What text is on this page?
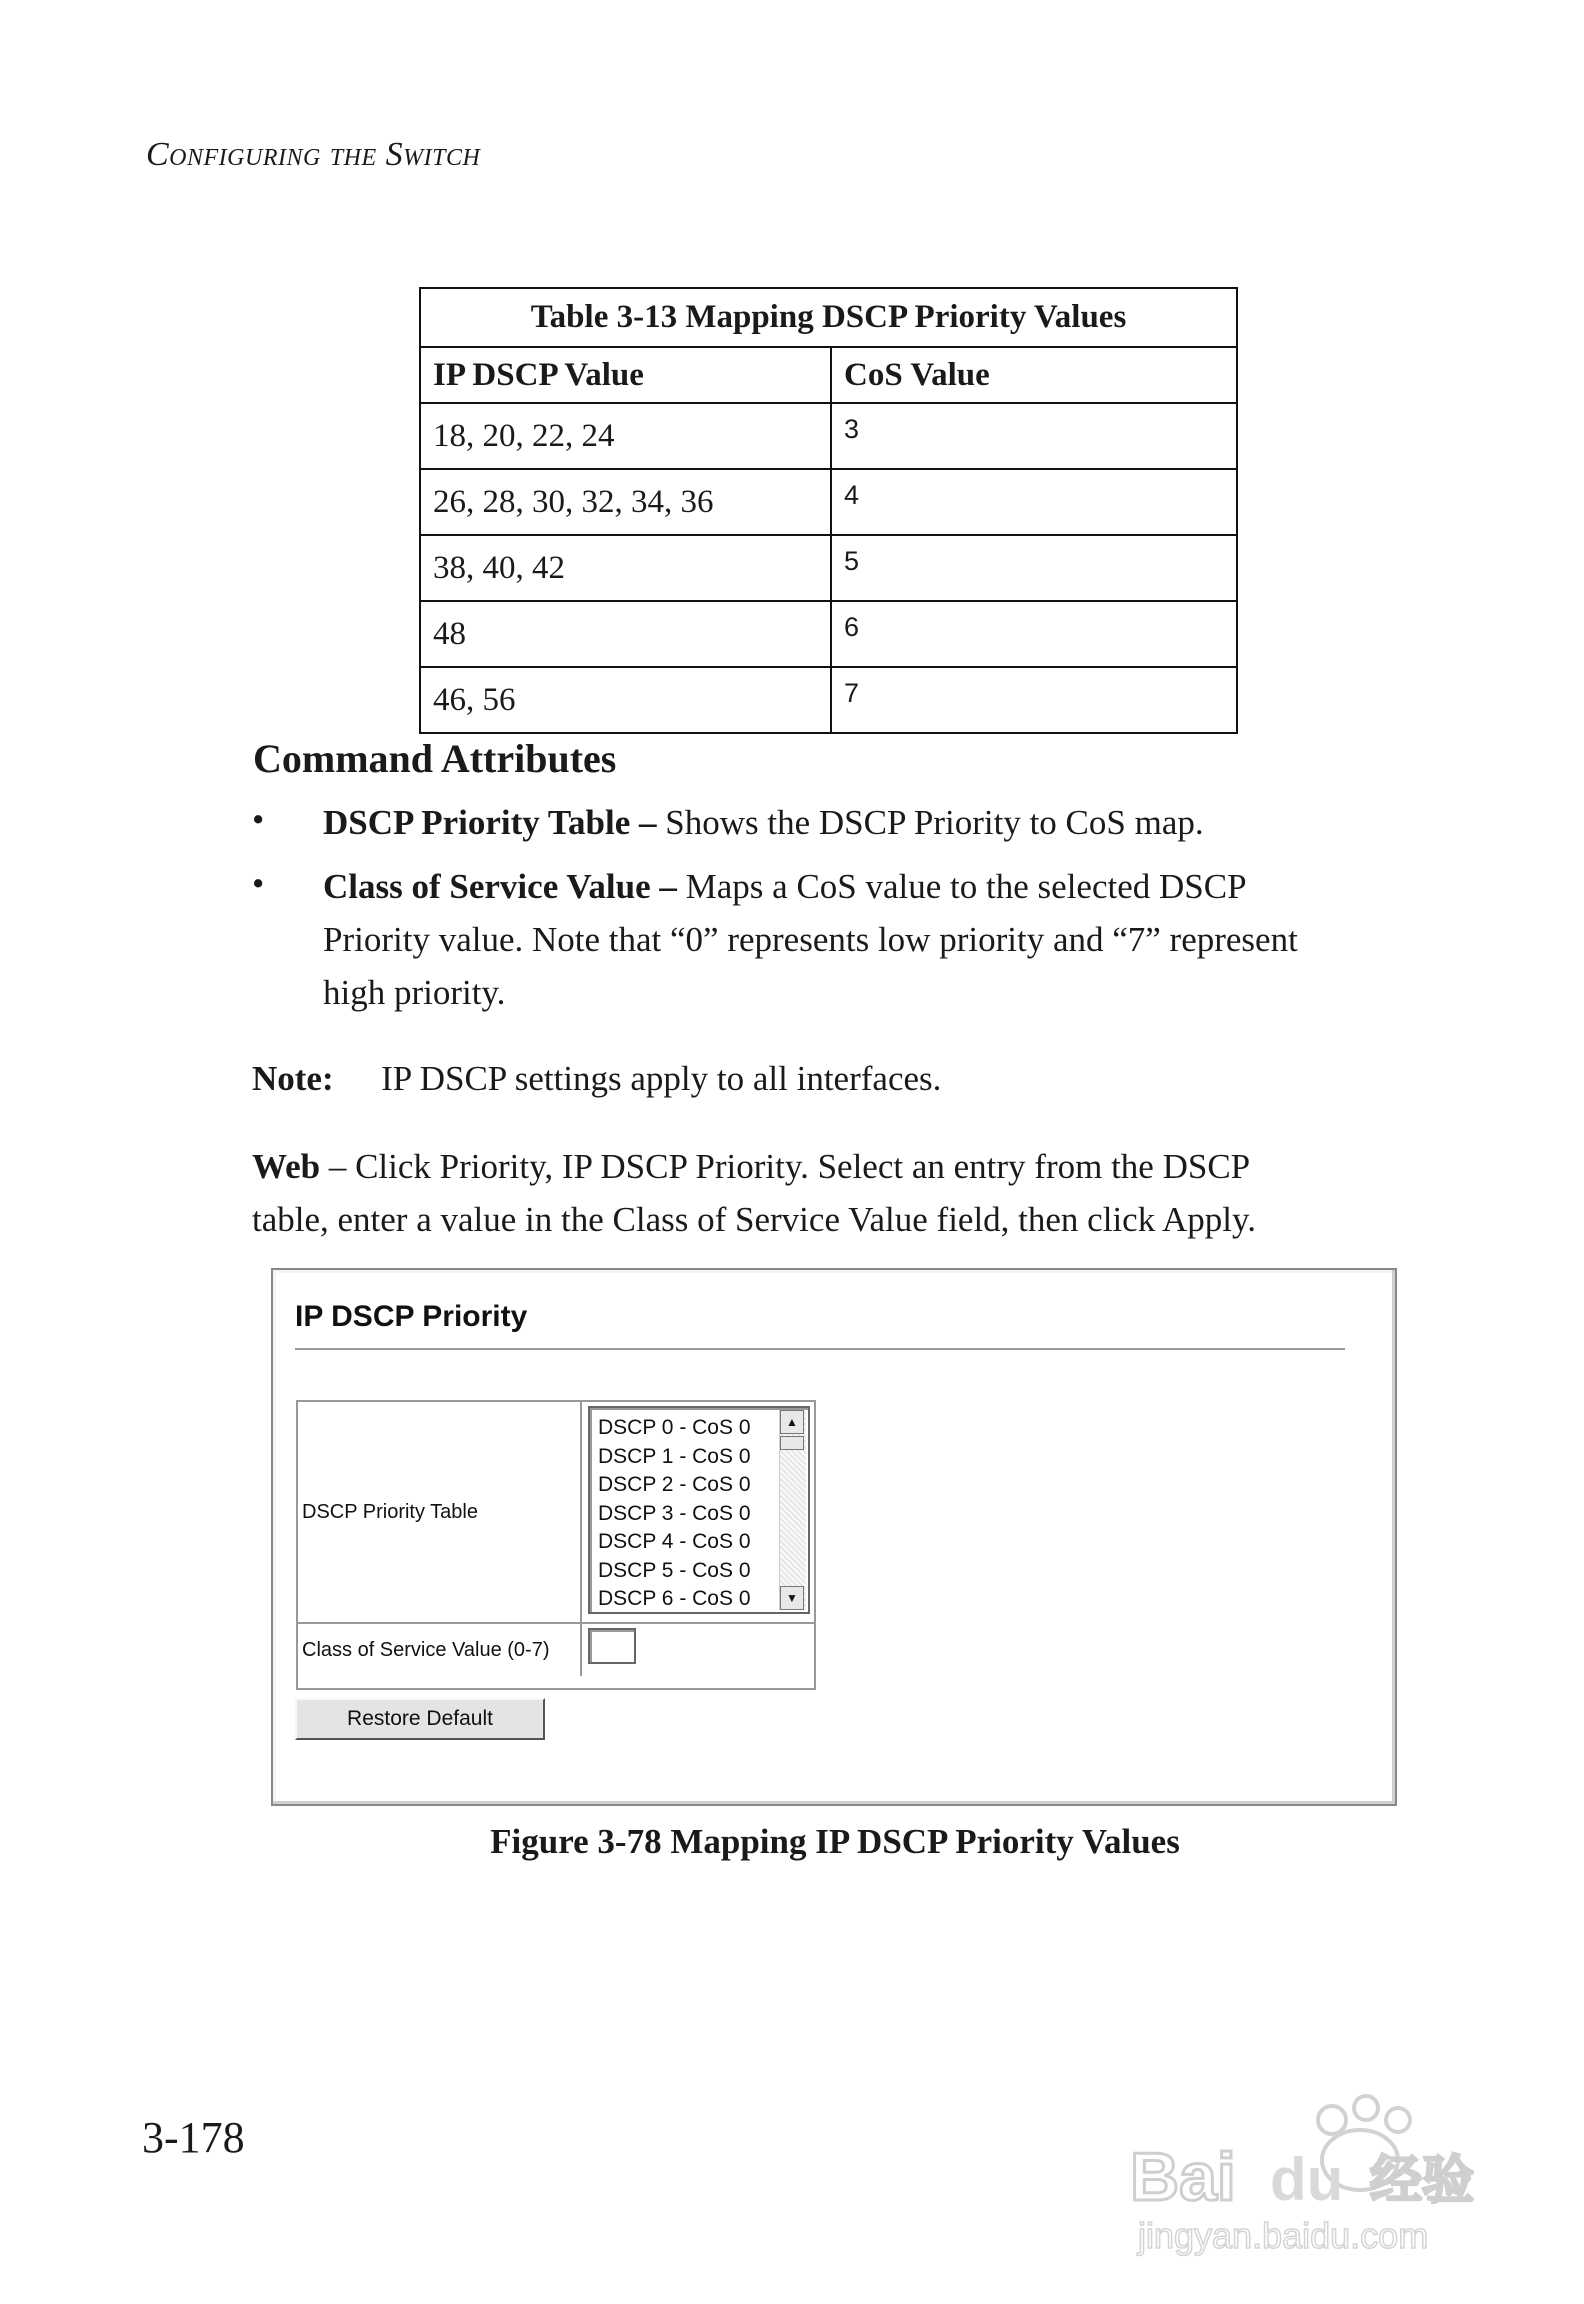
Configuring the Switch
Table 3-13 Mapping DSCP Priority Values	
IP DSCP Value	CoS Value
18, 20, 22, 24	3
26, 28, 30, 32, 34, 36	4
38, 40, 42	5
48	6
46, 56	7
Command Attributes
• DSCP Priority Table – Shows the DSCP Priority to CoS map.
• Class of Service Value – Maps a CoS value to the selected DSCP
Priority value. Note that “0” represents low priority and “7” represent
high priority.
Note: IP DSCP settings apply to all interfaces.
Web – Click Priority, IP DSCP Priority. Select an entry from the DSCP
table, enter a value in the Class of Service Value field, then click Apply.
IP DSCP Priority
DSCP Priority Table
DSCP 0 - CoS 0
DSCP 1 - CoS 0
DSCP 2 - CoS 0
DSCP 3 - CoS 0
DSCP 4 - CoS 0
DSCP 5 - CoS 0
DSCP 6 - CoS 0
▲
▼
Class of Service Value (0-7)
Restore Default
Figure 3-78 Mapping IP DSCP Priority Values
3-178
Bai du 经验
jingyan.baidu.com
